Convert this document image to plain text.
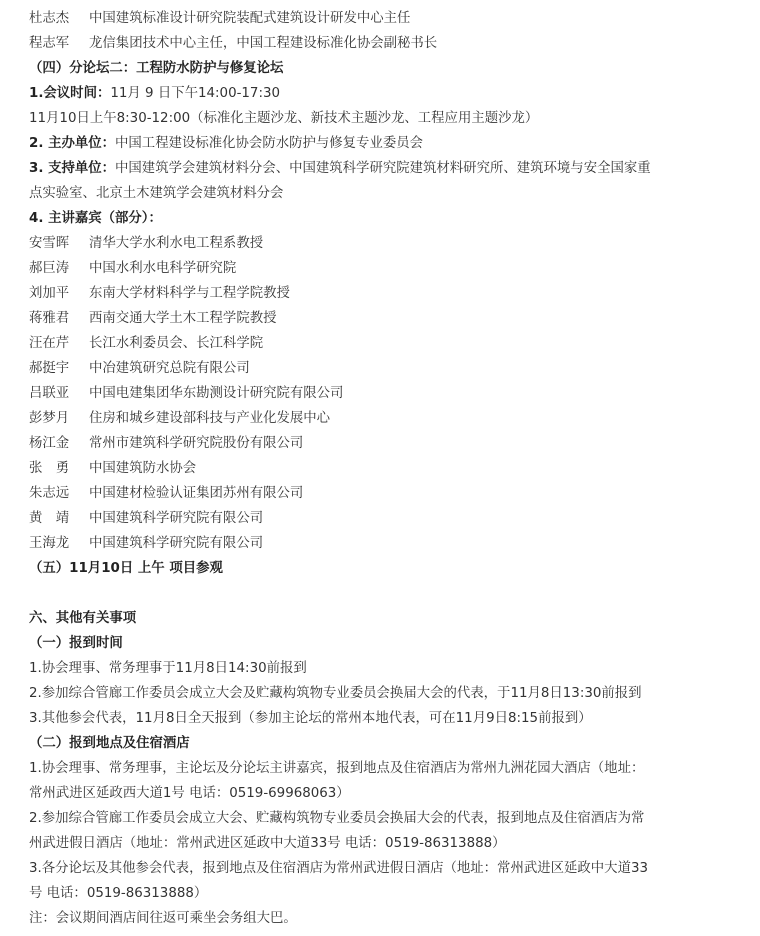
杜志杰 中国建筑标准设计研究院装配式建筑设计研发中心主任
程志军 龙信集团技术中心主任，中国工程建设标准化协会副秘书长
（四）分论坛二：工程防水防护与修复论坛
1.会议时间：11月 9 日下午14:00-17:30
11月10日上午8:30-12:00（标准化主题沙龙、新技术主题沙龙、工程应用主题沙龙）
2. 主办单位：中国工程建设标准化协会防水防护与修复专业委员会
3. 支持单位：中国建筑学会建筑材料分会、中国建筑科学研究院建筑材料研究所、建筑环境与安全国家重
点实验室、北京土木建筑学会建筑材料分会
4. 主讲嘉宾（部分）：
安雪晖 清华大学水利水电工程系教授
郝巨涛 中国水利水电科学研究院
刘加平 东南大学材料科学与工程学院教授
蒋雅君 西南交通大学土木工程学院教授
汪在芹 长江水利委员会、长江科学院
郝挺宇 中冶建筑研究总院有限公司
吕联亚 中国电建集团华东勘测设计研究院有限公司
彭梦月 住房和城乡建设部科技与产业化发展中心
杨江金 常州市建筑科学研究院股份有限公司
张　勇 中国建筑防水协会
朱志远 中国建材检验认证集团苏州有限公司
黄　靖 中国建筑科学研究院有限公司
王海龙 中国建筑科学研究院有限公司
（五）11月10日 上午 项目参观
六、其他有关事项
（一）报到时间
1.协会理事、常务理事于11月8日14:30前报到
2.参加综合管廊工作委员会成立大会及贮藏构筑物专业委员会换届大会的代表，于11月8日13:30前报到
3.其他参会代表，11月8日全天报到（参加主论坛的常州本地代表，可在11月9日8:15前报到）
（二）报到地点及住宿酒店
1.协会理事、常务理事，主论坛及分论坛主讲嘉宾，报到地点及住宿酒店为常州九洲花园大酒店（地址：
常州武进区延政西大道1号 电话：0519-69968063）
2.参加综合管廊工作委员会成立大会、贮藏构筑物专业委员会换届大会的代表，报到地点及住宿酒店为常
州武进假日酒店（地址：常州武进区延政中大道33号 电话：0519-86313888）
3.各分论坛及其他参会代表，报到地点及住宿酒店为常州武进假日酒店（地址：常州武进区延政中大道33
号 电话：0519-86313888）
注：会议期间酒店间往返可乘坐会务组大巴。
